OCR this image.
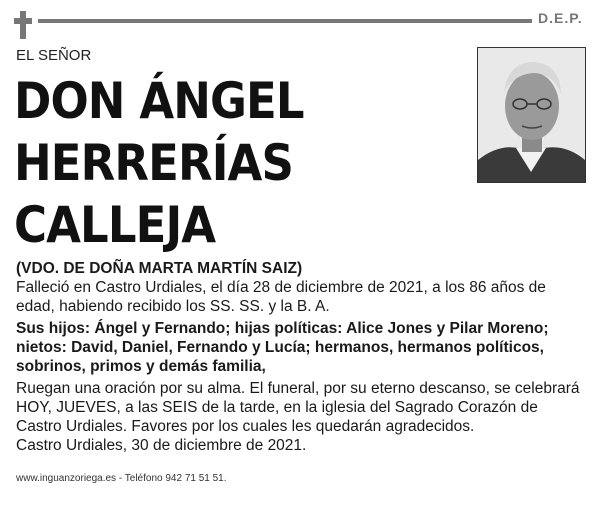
D.E.P.
EL SEÑOR
DON ÁNGEL
HERRERÍAS
CALLEJA

(VDO. DE DOÑA MARTA MARTÍN SAIZ)

Falleció en Castro Urdiales, el día 28 de diciembre de 2021, a los 86 años de edad, habiendo recibido los SS. SS. y la B. A.

Sus hijos: Ángel y Fernando; hijas políticas: Alice Jones y Pilar Moreno; nietos: David, Daniel, Fernando y Lucía; hermanos, hermanos políticos, sobrinos, primos y demás familia,

Ruegan una oración por su alma. El funeral, por su eterno descanso, se celebrará HOY, JUEVES, a las SEIS de la tarde, en la iglesia del Sagrado Corazón de Castro Urdiales. Favores por los cuales les quedarán agradecidos.

Castro Urdiales, 30 de diciembre de 2021.

www.inguanzoriega.es - Teléfono 942 71 51 51.
